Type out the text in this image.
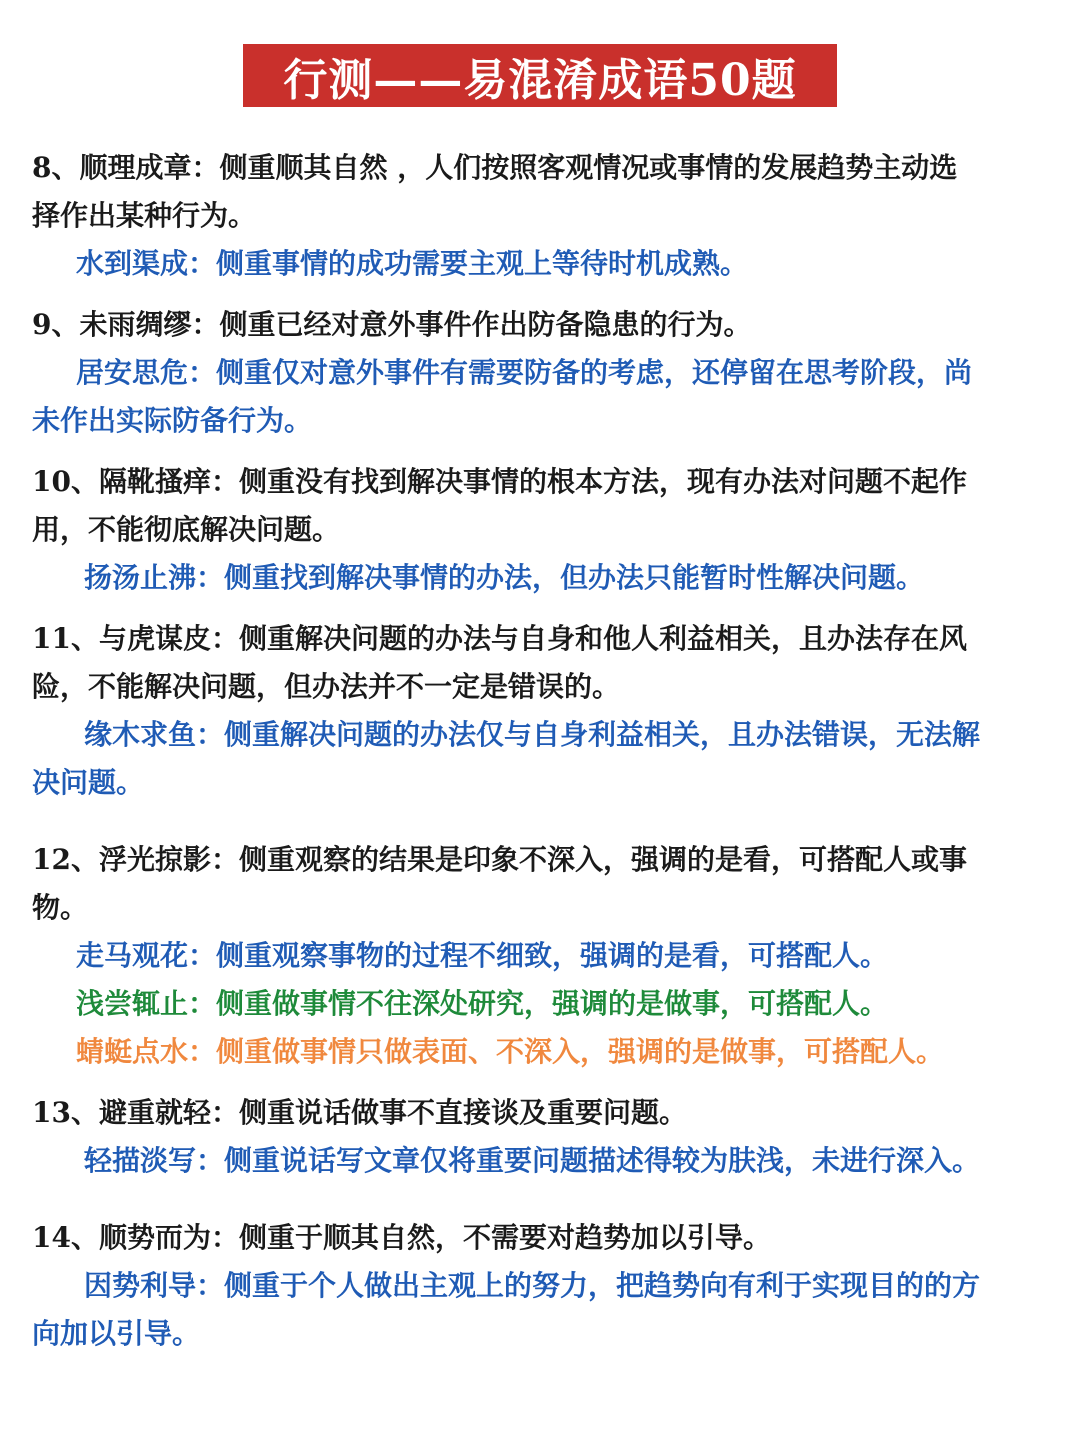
行测——易混淆成语50题
8、顺理成章：侧重顺其自然 ，人们按照客观情况或事情的发展趋势主动选
择作出某种行为。
水到渠成：侧重事情的成功需要主观上等待时机成熟。
9、未雨绸缪：侧重已经对意外事件作出防备隐患的行为。
居安思危：侧重仅对意外事件有需要防备的考虑，还停留在思考阶段，尚
未作出实际防备行为。
10、隔靴搔痒：侧重没有找到解决事情的根本方法，现有办法对问题不起作
用，不能彻底解决问题。
扬汤止沸：侧重找到解决事情的办法，但办法只能暂时性解决问题。
11、与虎谋皮：侧重解决问题的办法与自身和他人利益相关，且办法存在风
险，不能解决问题，但办法并不一定是错误的。
缘木求鱼：侧重解决问题的办法仅与自身利益相关，且办法错误，无法解
决问题。
12、浮光掠影：侧重观察的结果是印象不深入，强调的是看，可搭配人或事
物。
走马观花：侧重观察事物的过程不细致，强调的是看，可搭配人。
浅尝辄止：侧重做事情不往深处研究，强调的是做事，可搭配人。
蜻蜓点水：侧重做事情只做表面、不深入，强调的是做事，可搭配人。
13、避重就轻：侧重说话做事不直接谈及重要问题。
轻描淡写：侧重说话写文章仅将重要问题描述得较为肤浅，未进行深入。
14、顺势而为：侧重于顺其自然，不需要对趋势加以引导。
因势利导：侧重于个人做出主观上的努力，把趋势向有利于实现目的的方
向加以引导。
